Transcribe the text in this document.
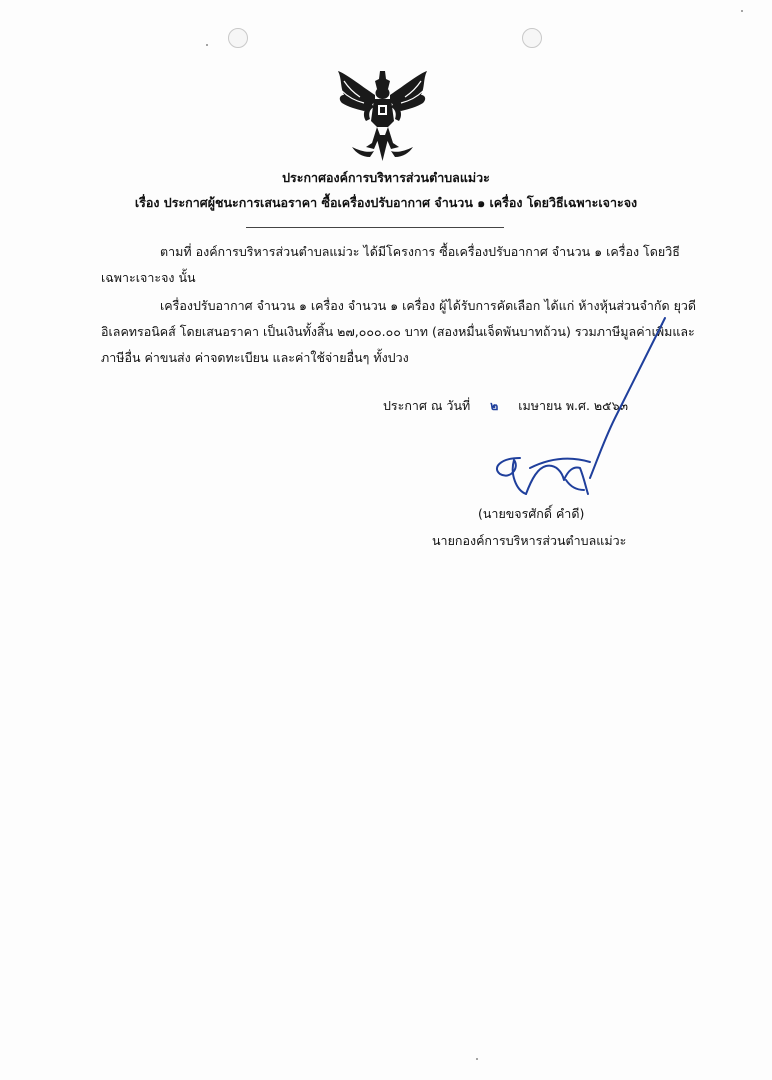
ประกาศองค์การบริหารส่วนตำบลแม่วะ
เรื่อง ประกาศผู้ชนะการเสนอราคา ซื้อเครื่องปรับอากาศ จำนวน ๑ เครื่อง โดยวิธีเฉพาะเจาะจง
ตามที่ องค์การบริหารส่วนตำบลแม่วะ ได้มีโครงการ ซื้อเครื่องปรับอากาศ จำนวน ๑ เครื่อง โดยวิธี
เฉพาะเจาะจง นั้น
เครื่องปรับอากาศ จำนวน ๑ เครื่อง จำนวน ๑ เครื่อง ผู้ได้รับการคัดเลือก ได้แก่ ห้างหุ้นส่วนจำกัด ยุวดี
อิเลคทรอนิคส์ โดยเสนอราคา เป็นเงินทั้งสิ้น ๒๗,๐๐๐.๐๐ บาท (สองหมื่นเจ็ดพันบาทถ้วน) รวมภาษีมูลค่าเพิ่มและ
ภาษีอื่น ค่าขนส่ง ค่าจดทะเบียน และค่าใช้จ่ายอื่นๆ ทั้งปวง
ประกาศ ณ วันที่ ๒ เมษายน พ.ศ. ๒๕๖๓
(นายขจรศักดิ์ คำดี)
นายกองค์การบริหารส่วนตำบลแม่วะ
